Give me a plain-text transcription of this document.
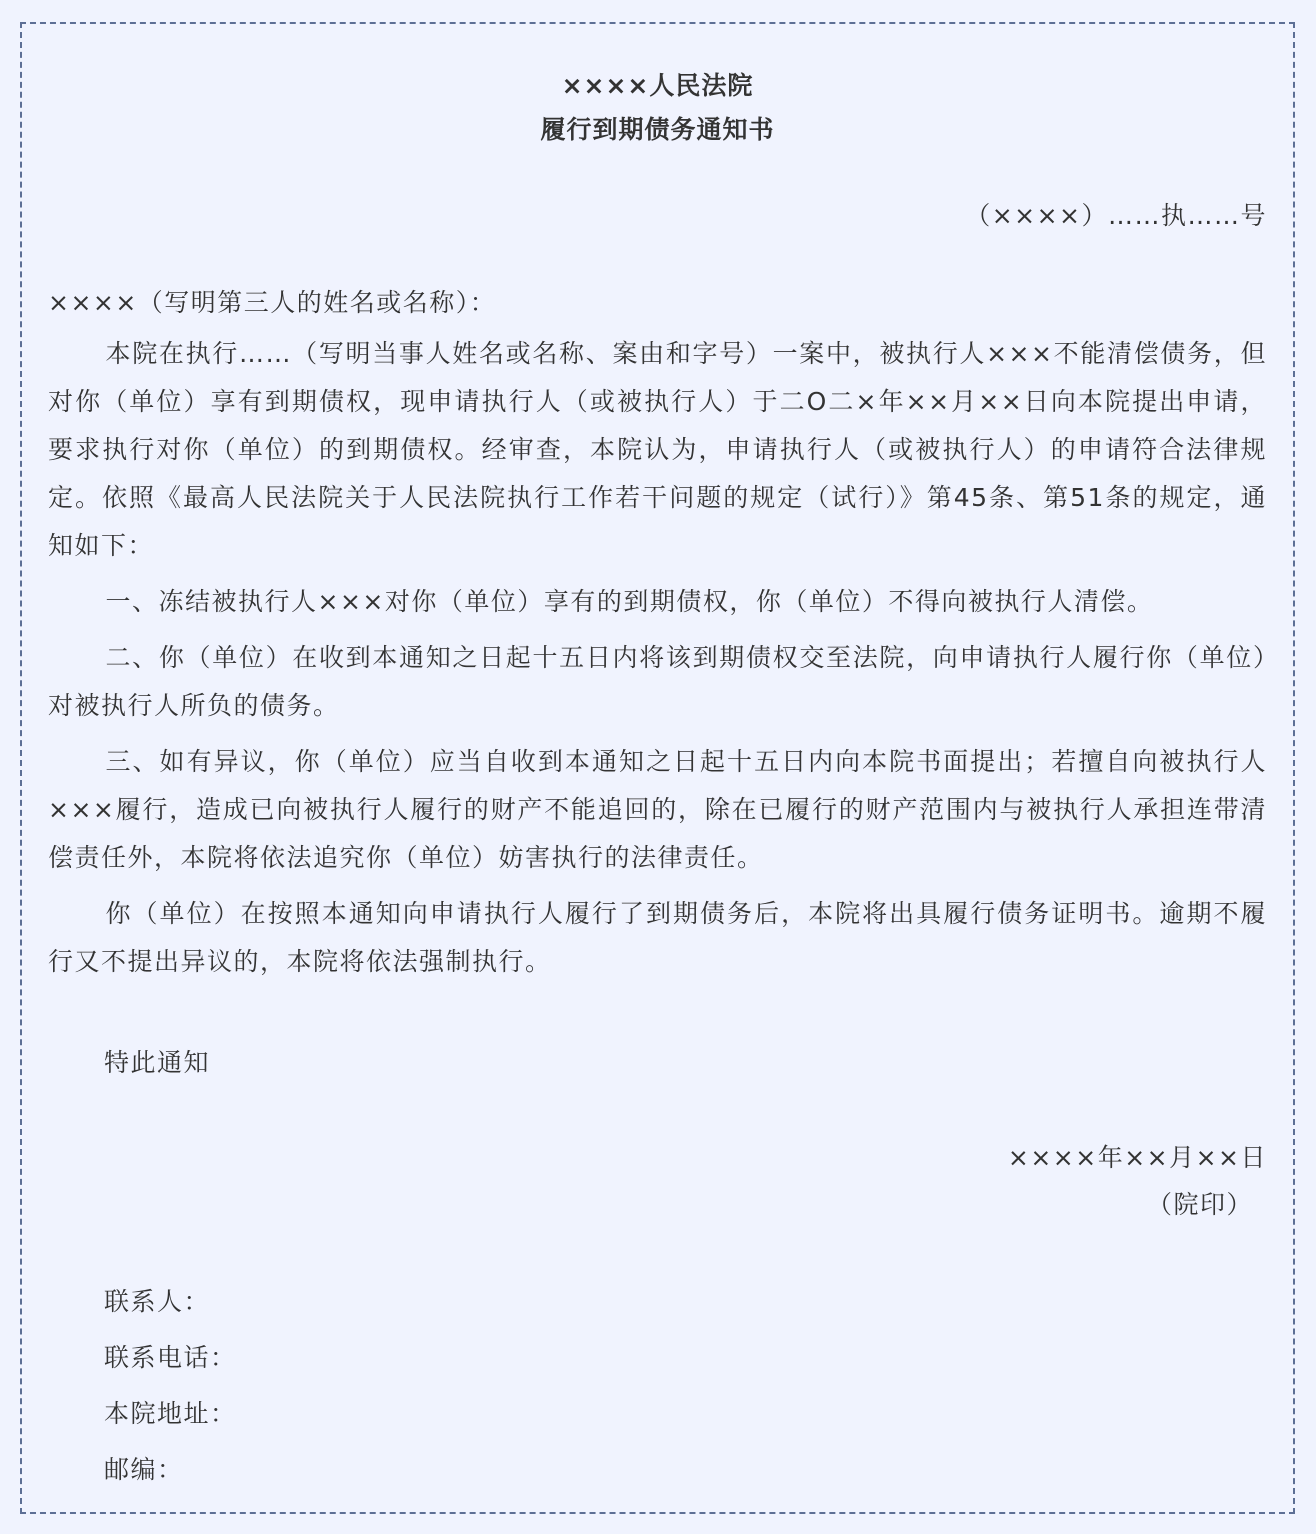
××××人民法院
履行到期债务通知书
（××××）……执……号
××××（写明第三人的姓名或名称）：
本院在执行……（写明当事人姓名或名称、案由和字号）一案中，被执行人×××不能清偿债务，但对你（单位）享有到期债权，现申请执行人（或被执行人）于二O二×年××月××日向本院提出申请，要求执行对你（单位）的到期债权。经审查，本院认为，申请执行人（或被执行人）的申请符合法律规定。依照《最高人民法院关于人民法院执行工作若干问题的规定（试行）》第45条、第51条的规定，通知如下：
一、冻结被执行人×××对你（单位）享有的到期债权，你（单位）不得向被执行人清偿。
二、你（单位）在收到本通知之日起十五日内将该到期债权交至法院，向申请执行人履行你（单位）对被执行人所负的债务。
三、如有异议，你（单位）应当自收到本通知之日起十五日内向本院书面提出；若擅自向被执行人×××履行，造成已向被执行人履行的财产不能追回的，除在已履行的财产范围内与被执行人承担连带清偿责任外，本院将依法追究你（单位）妨害执行的法律责任。
你（单位）在按照本通知向申请执行人履行了到期债务后，本院将出具履行债务证明书。逾期不履行又不提出异议的，本院将依法强制执行。
特此通知
××××年××月××日
（院印）
联系人：
联系电话：
本院地址：
邮编：
